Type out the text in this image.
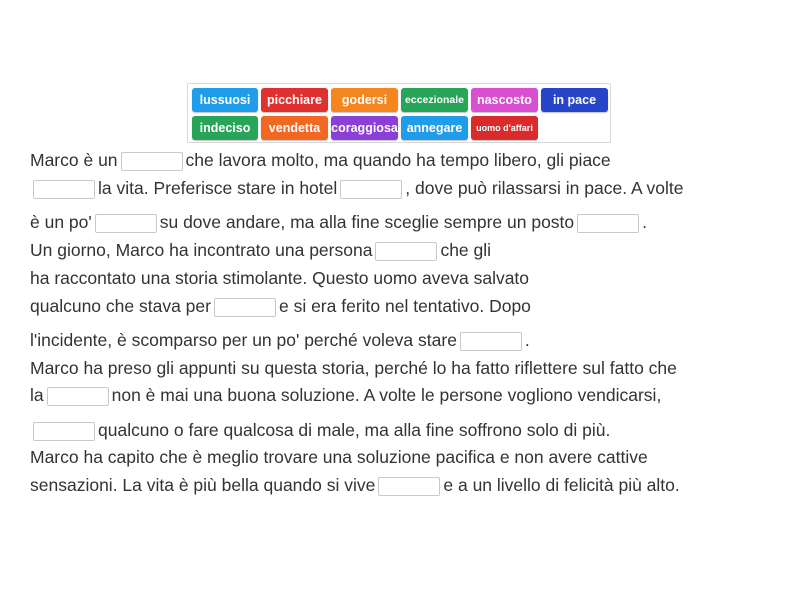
lussuosi	picchiare	godersi	eccezionale	nascosto	in pace
indeciso	vendetta coraggiosa annegare	uomo d'affari
Marco è un	che lavora molto, ma quando ha tempo libero, gli piace
la vita. Preferisce stare in hotel	, dove può rilassarsi in pace. A volte
è un po'	su dove andare, ma alla fine sceglie sempre un posto	.
Un giorno, Marco ha incontrato una persona	che gli
ha raccontato una storia stimolante. Questo uomo aveva salvato
qualcuno che stava per	e si era ferito nel tentativo. Dopo
l'incidente, è scomparso per un po' perché voleva stare	.
Marco ha preso gli appunti su questa storia, perché lo ha fatto riflettere sul fatto che
la	non è mai una buona soluzione. A volte le persone vogliono vendicarsi,
qualcuno o fare qualcosa di male, ma alla fine soffrono solo di più.
Marco ha capito che è meglio trovare una soluzione pacifica e non avere cattive
sensazioni. La vita è più bella quando si vive	e a un livello di felicità più alto.
